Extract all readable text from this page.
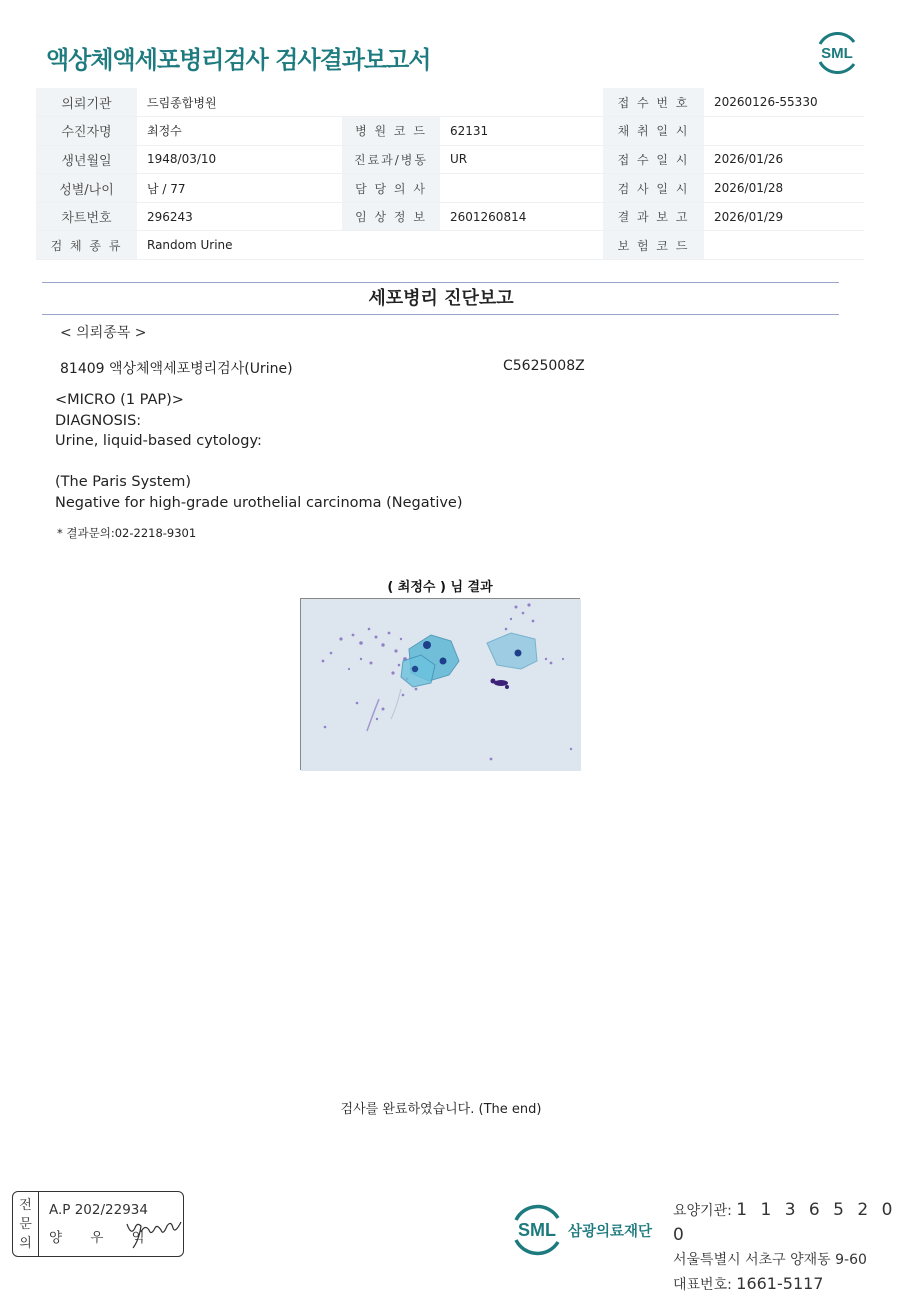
액상체액세포병리검사 검사결과보고서	SML
의뢰기관	드림종합병원			접 수 번 호	20260126-55330
수진자명	최정수	병 원 코 드	62131	채 취 일 시	
생년월일	1948/03/10	진료과/병동	UR	접 수 일 시	2026/01/26
성별/나이	남 / 77	담 당 의 사		검 사 일 시	2026/01/28
차트번호	296243	임 상 정 보	2601260814	결 과 보 고	2026/01/29
검 체 종 류	Random Urine			보 험 코 드	
세포병리 진단보고
< 의뢰종목 >
81409 액상체액세포병리검사(Urine)	C5625008Z

<MICRO (1 PAP)>

DIAGNOSIS:

Urine, liquid-based cytology:

(The Paris System)

Negative for high-grade urothelial carcinoma (Negative)

* 결과문의:02-2218-9301
( 최정수 ) 님 결과
검사를 완료하였습니다. (The end)
전
문
의
A.P 202/22934
양 우 익	SML 삼광의료재단
요양기관: 1 1 3 6 5 2 0 0
서울특별시 서초구 양재동 9-60
대표번호: 1661-5117
